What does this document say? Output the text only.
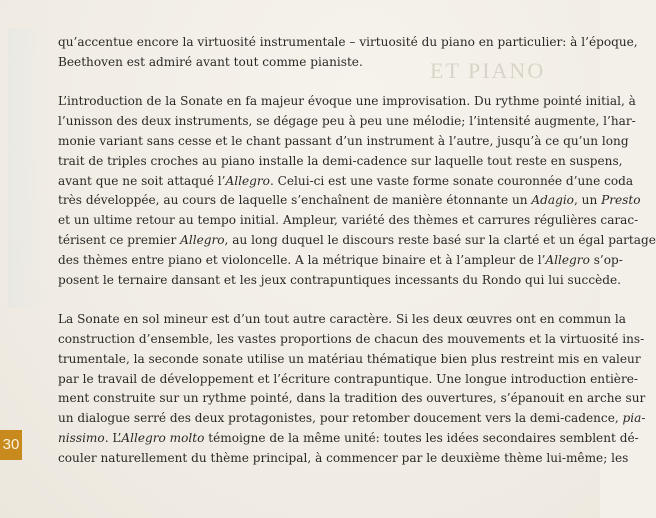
ET PIANO

qu’accentue encore la virtuosité instrumentale – virtuosité du piano en particulier: à l’époque,
Beethoven est admiré avant tout comme pianiste.

L’introduction de la Sonate en fa majeur évoque une improvisation. Du rythme pointé initial, à
l’unisson des deux instruments, se dégage peu à peu une mélodie; l’intensité augmente, l’har-
monie variant sans cesse et le chant passant d’un instrument à l’autre, jusqu’à ce qu’un long
trait de triples croches au piano installe la demi-cadence sur laquelle tout reste en suspens,
avant que ne soit attaqué l’Allegro. Celui-ci est une vaste forme sonate couronnée d’une coda
très développée, au cours de laquelle s’enchaînent de manière étonnante un Adagio, un Presto
et un ultime retour au tempo initial. Ampleur, variété des thèmes et carrures régulières carac-
térisent ce premier Allegro, au long duquel le discours reste basé sur la clarté et un égal partage
des thèmes entre piano et violoncelle. A la métrique binaire et à l’ampleur de l’Allegro s’op-
posent le ternaire dansant et les jeux contrapuntiques incessants du Rondo qui lui succède.

La Sonate en sol mineur est d’un tout autre caractère. Si les deux œuvres ont en commun la
construction d’ensemble, les vastes proportions de chacun des mouvements et la virtuosité ins-
trumentale, la seconde sonate utilise un matériau thématique bien plus restreint mis en valeur
par le travail de développement et l’écriture contrapuntique. Une longue introduction entière-
ment construite sur un rythme pointé, dans la tradition des ouvertures, s’épanouit en arche sur
un dialogue serré des deux protagonistes, pour retomber doucement vers la demi-cadence, pia-
nissimo. L’Allegro molto témoigne de la même unité: toutes les idées secondaires semblent dé-
couler naturellement du thème principal, à commencer par le deuxième thème lui-même; les

30
